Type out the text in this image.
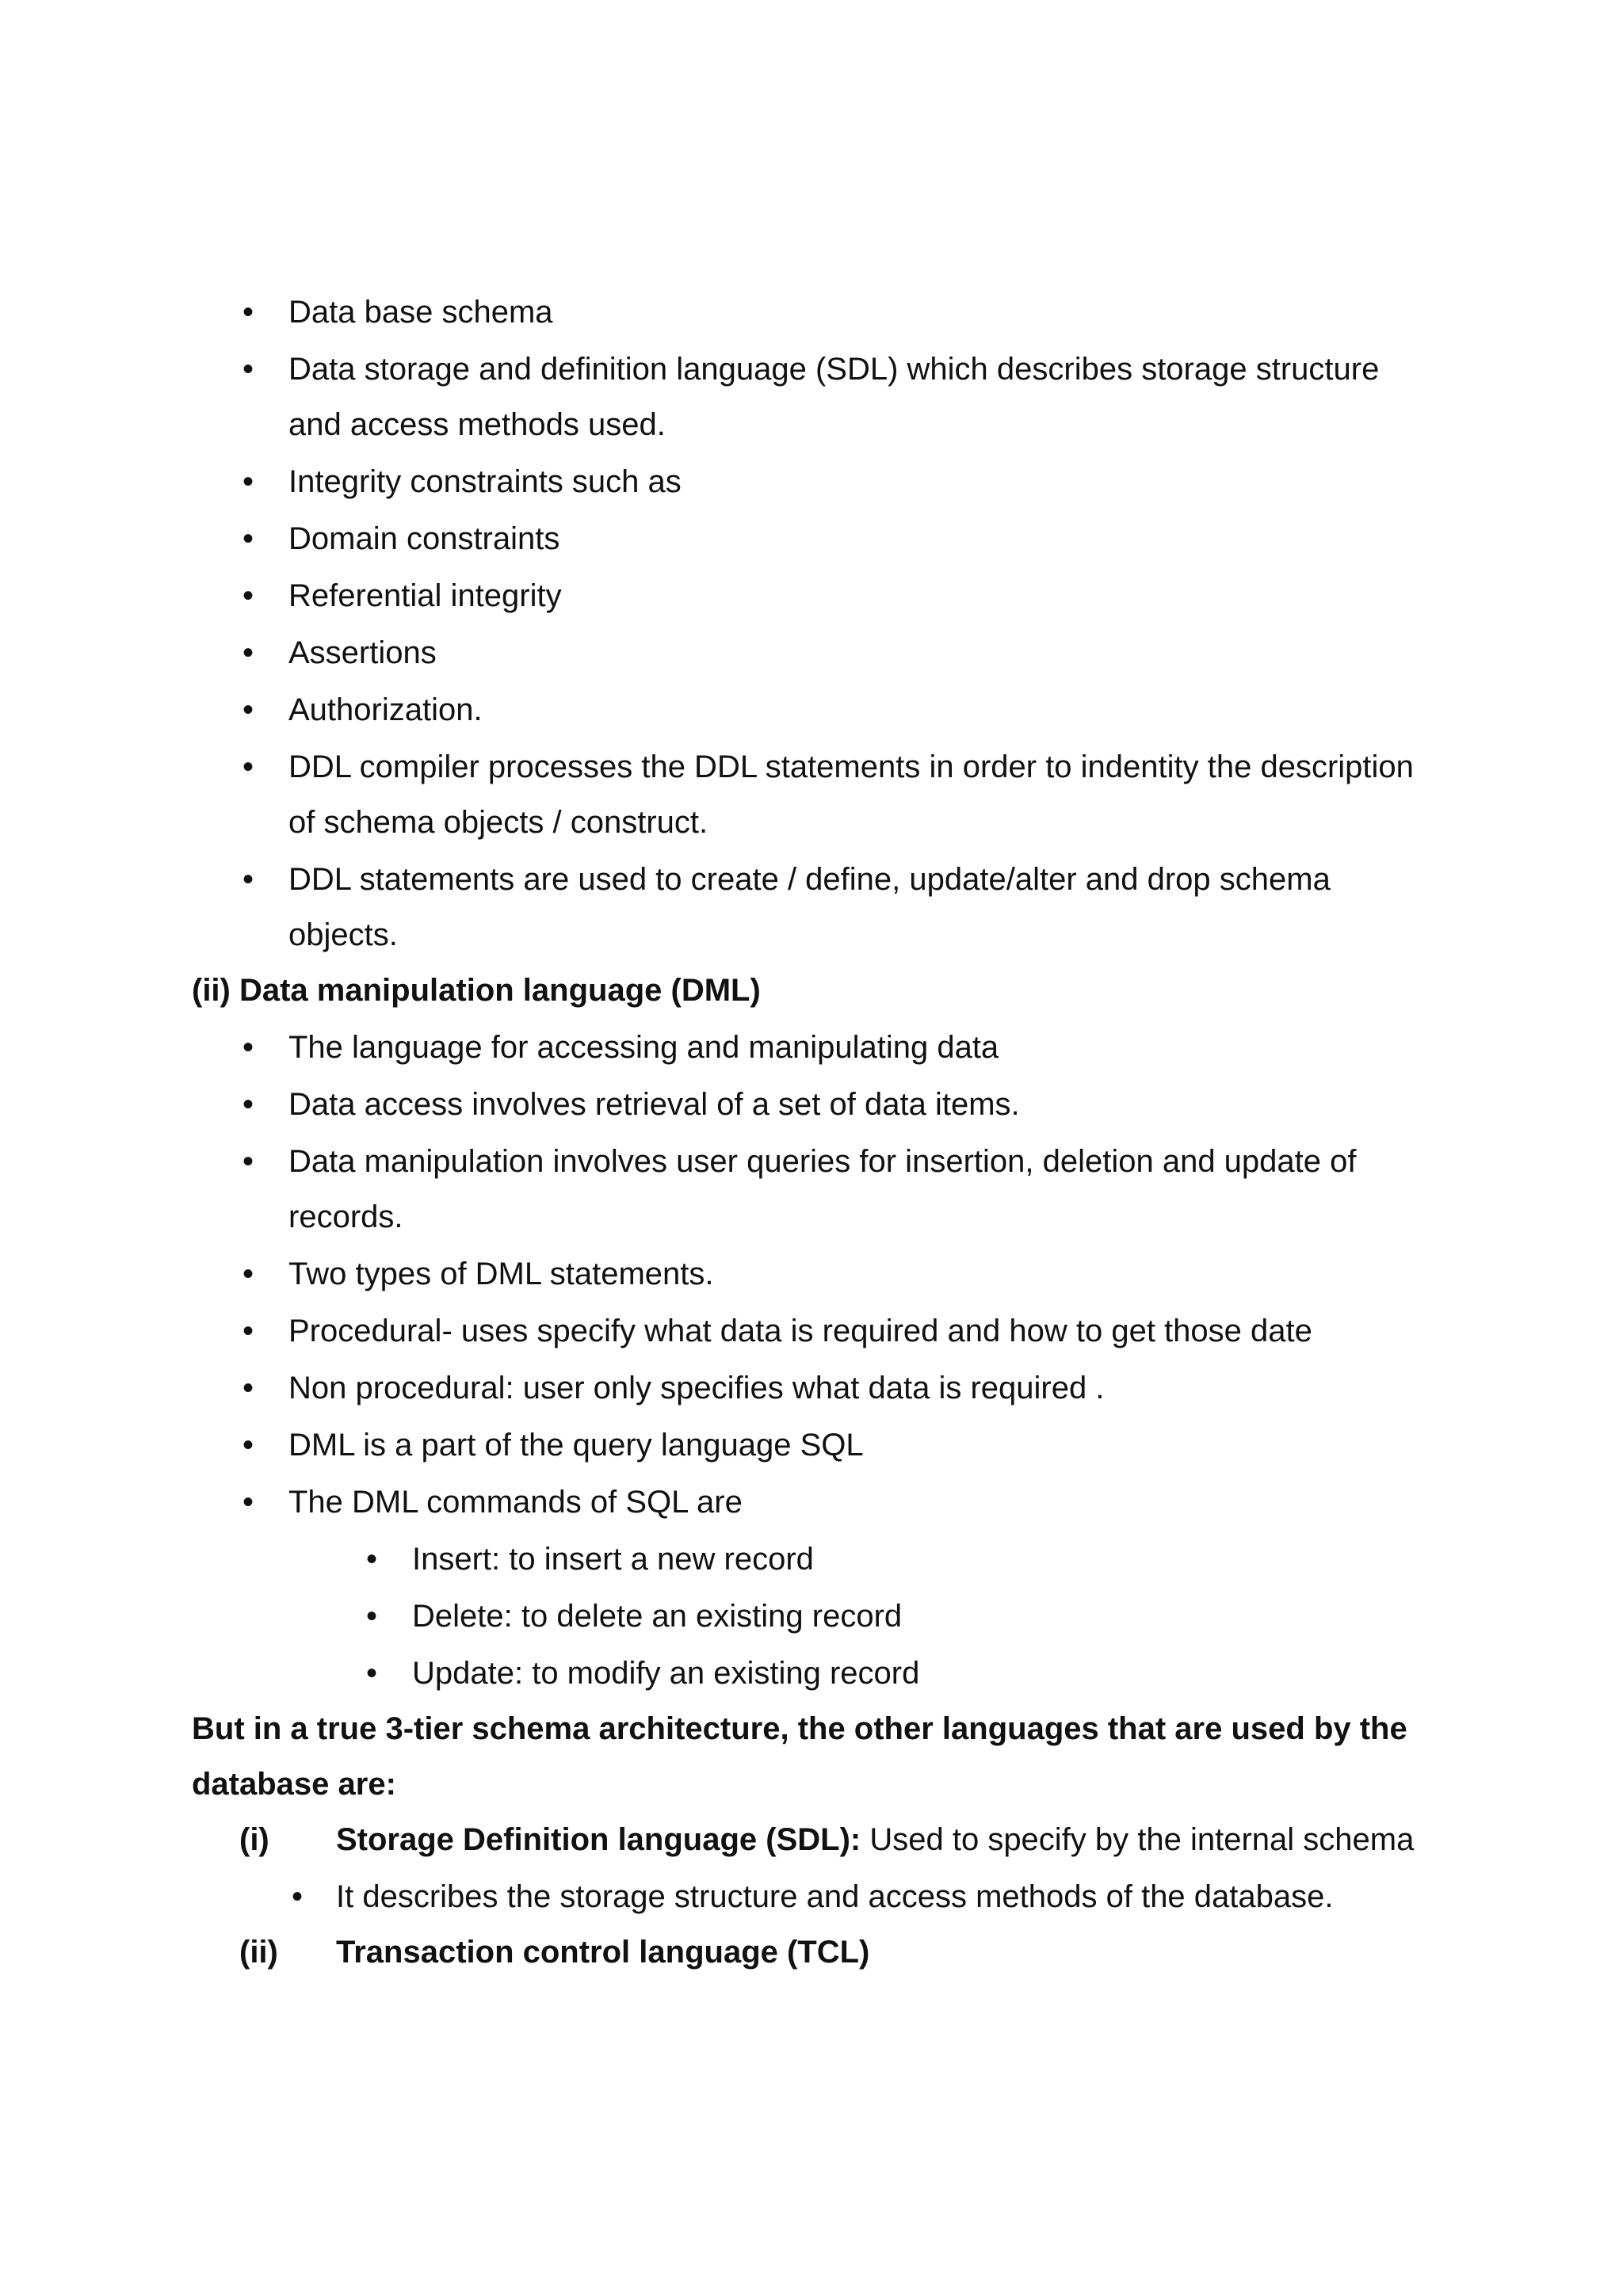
• Data base schema
• Data storage and definition language (SDL) which describes storage structure
and access methods used.
• Integrity constraints such as
• Domain constraints
• Referential integrity
• Assertions
• Authorization.
• DDL compiler processes the DDL statements in order to indentity the description
of schema objects / construct.
• DDL statements are used to create / define, update/alter and drop schema
objects.
(ii) Data manipulation language (DML)
• The language for accessing and manipulating data
• Data access involves retrieval of a set of data items.
• Data manipulation involves user queries for insertion, deletion and update of
records.
• Two types of DML statements.
• Procedural- uses specify what data is required and how to get those date
• Non procedural: user only specifies what data is required .
• DML is a part of the query language SQL
• The DML commands of SQL are
• Insert: to insert a new record
• Delete: to delete an existing record
• Update: to modify an existing record
But in a true 3-tier schema architecture, the other languages that are used by the
database are:
(i) Storage Definition language (SDL): Used to specify by the internal schema
• It describes the storage structure and access methods of the database.
(ii) Transaction control language (TCL)
